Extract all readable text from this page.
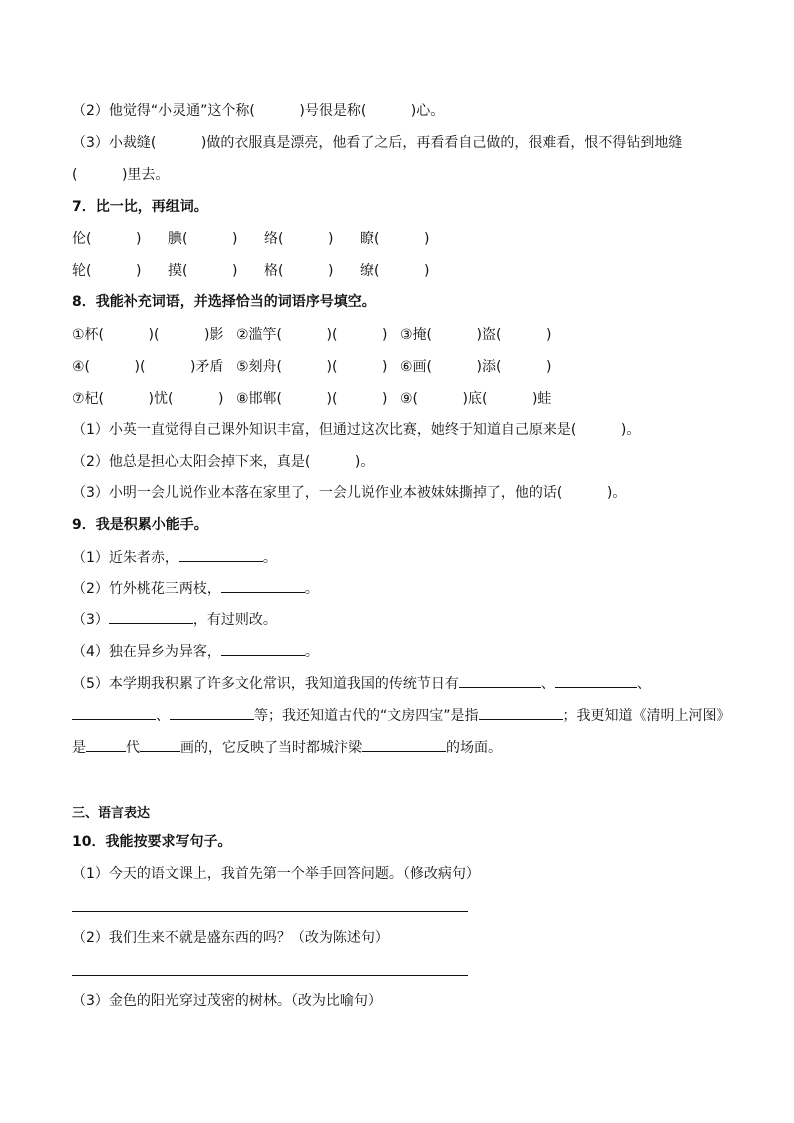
（2）他觉得“小灵通”这个称(          )号很是称(          )心。
（3）小裁缝(          )做的衣服真是漂亮，他看了之后，再看看自己做的，很难看，恨不得钻到地缝
(          )里去。
7．比一比，再组词。
伦(          ) 腆(          ) 络(          ) 瞭(          )
轮(          ) 摸(          ) 格(          ) 缭(          )
8．我能补充词语，并选择恰当的词语序号填空。
①杯(          )(          )影 ②滥竽(          )(          ) ③掩(          )盗(          )
④(          )(          )矛盾 ⑤刻舟(          )(          ) ⑥画(          )添(          )
⑦杞(          )忧(          ) ⑧邯郸(          )(          ) ⑨(          )底(          )蛙
（1）小英一直觉得自己课外知识丰富，但通过这次比赛，她终于知道自己原来是(          )。
（2）他总是担心太阳会掉下来，真是(          )。
（3）小明一会儿说作业本落在家里了，一会儿说作业本被妹妹撕掉了，他的话(          )。
9．我是积累小能手。
（1）近朱者赤，	。
（2）竹外桃花三两枝，	。
（3）	，有过则改。
（4）独在异乡为异客，	。
（5）本学期我积累了许多文化常识，我知道我国的传统节日有	、	、
、	等；我还知道古代的“文房四宝”是指	；我更知道《清明上河图》
是	代	画的，它反映了当时都城汴梁	的场面。
三、语言表达
10．我能按要求写句子。
（1）今天的语文课上，我首先第一个举手回答问题。（修改病句）
（2）我们生来不就是盛东西的吗？（改为陈述句）
（3）金色的阳光穿过茂密的树林。（改为比喻句）
